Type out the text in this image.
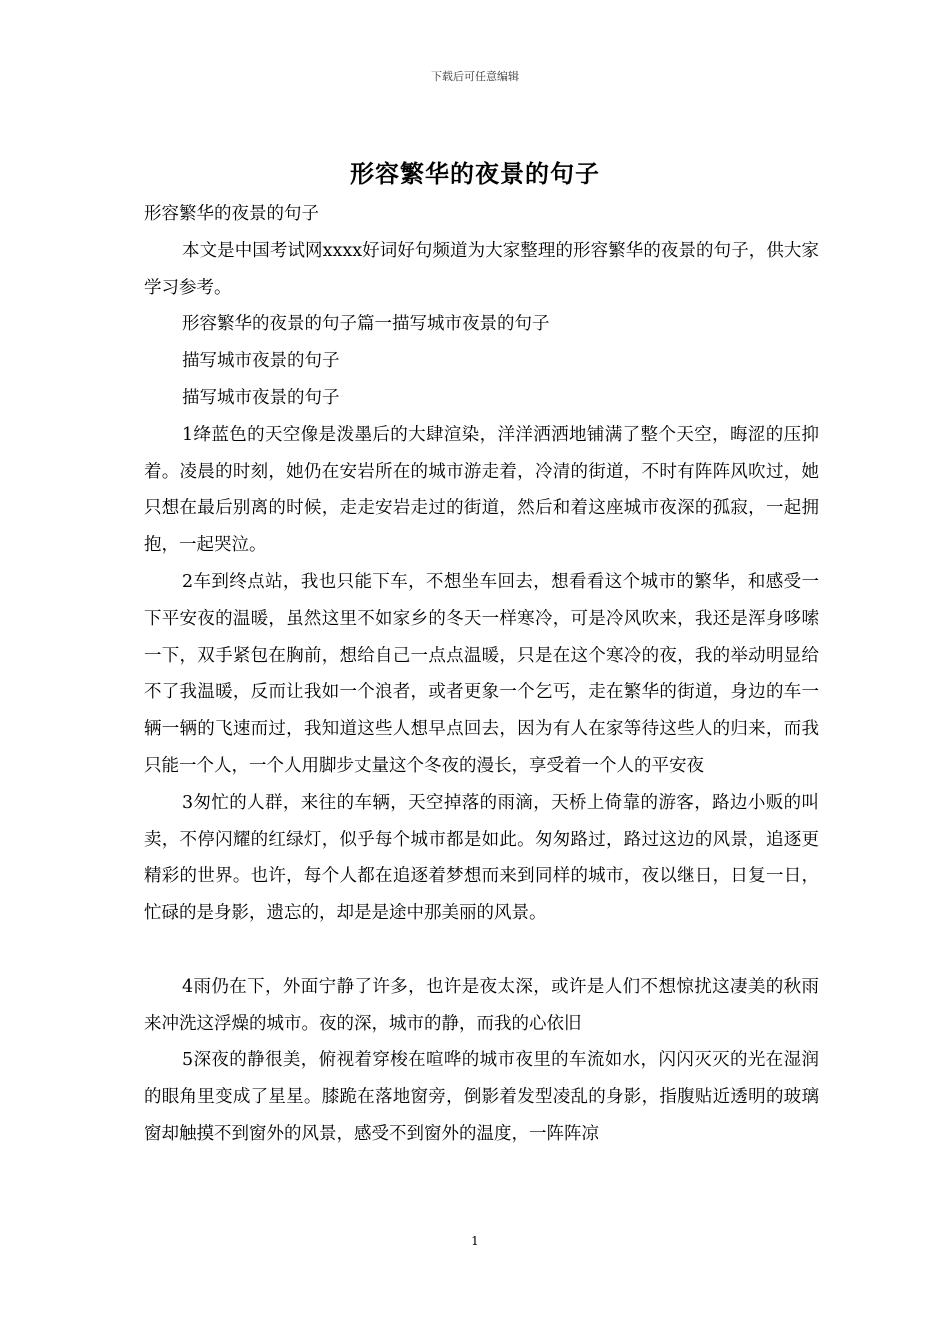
下载后可任意编辑
形容繁华的夜景的句子

形容繁华的夜景的句子

本文是中国考试网xxxx好词好句频道为大家整理的形容繁华的夜景的句子，供大家学习参考。

形容繁华的夜景的句子篇一描写城市夜景的句子

描写城市夜景的句子

描写城市夜景的句子

1绛蓝色的天空像是泼墨后的大肆渲染，洋洋洒洒地铺满了整个天空，晦涩的压抑着。凌晨的时刻，她仍在安岩所在的城市游走着，冷清的街道，不时有阵阵风吹过，她只想在最后别离的时候，走走安岩走过的街道，然后和着这座城市夜深的孤寂，一起拥抱，一起哭泣。

2车到终点站，我也只能下车，不想坐车回去，想看看这个城市的繁华，和感受一下平安夜的温暖，虽然这里不如家乡的冬天一样寒冷，可是冷风吹来，我还是浑身哆嗦一下，双手紧包在胸前，想给自己一点点温暖，只是在这个寒冷的夜，我的举动明显给不了我温暖，反而让我如一个浪者，或者更象一个乞丐，走在繁华的街道，身边的车一辆一辆的飞速而过，我知道这些人想早点回去，因为有人在家等待这些人的归来，而我只能一个人，一个人用脚步丈量这个冬夜的漫长，享受着一个人的平安夜

3匆忙的人群，来往的车辆，天空掉落的雨滴，天桥上倚靠的游客，路边小贩的叫卖，不停闪耀的红绿灯，似乎每个城市都是如此。匆匆路过，路过这边的风景，追逐更精彩的世界。也许，每个人都在追逐着梦想而来到同样的城市，夜以继日，日复一日，忙碌的是身影，遗忘的，却是是途中那美丽的风景。

4雨仍在下，外面宁静了许多，也许是夜太深，或许是人们不想惊扰这凄美的秋雨来冲洗这浮燥的城市。夜的深，城市的静，而我的心依旧

5深夜的静很美，俯视着穿梭在喧哗的城市夜里的车流如水，闪闪灭灭的光在湿润的眼角里变成了星星。膝跪在落地窗旁，倒影着发型凌乱的身影，指腹贴近透明的玻璃窗却触摸不到窗外的风景，感受不到窗外的温度，一阵阵凉

1
